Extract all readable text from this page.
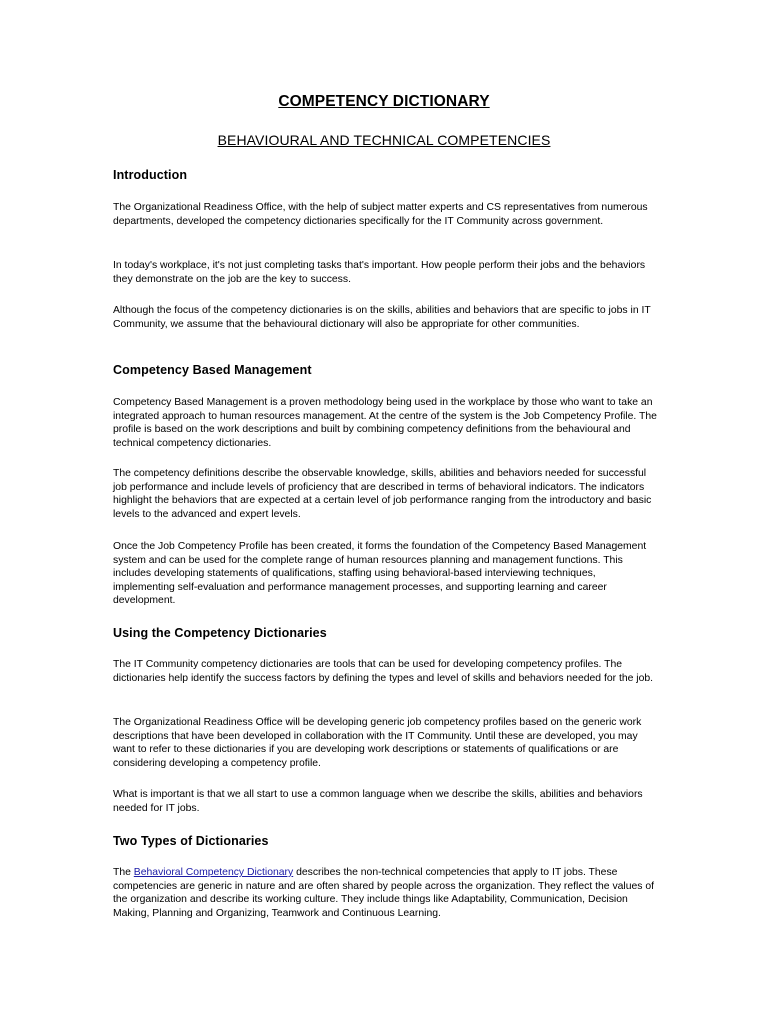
COMPETENCY DICTIONARY
BEHAVIOURAL AND TECHNICAL COMPETENCIES
Introduction

The Organizational Readiness Office, with the help of subject matter experts and CS representatives from numerous departments, developed the competency dictionaries specifically for the IT Community across government.

In today's workplace, it's not just completing tasks that's important. How people perform their jobs and the behaviors they demonstrate on the job are the key to success.

Although the focus of the competency dictionaries is on the skills, abilities and behaviors that are specific to jobs in IT Community, we assume that the behavioural dictionary will also be appropriate for other communities.

Competency Based Management

Competency Based Management is a proven methodology being used in the workplace by those who want to take an integrated approach to human resources management. At the centre of the system is the Job Competency Profile. The profile is based on the work descriptions and built by combining competency definitions from the behavioural and technical competency dictionaries.

The competency definitions describe the observable knowledge, skills, abilities and behaviors needed for successful job performance and include levels of proficiency that are described in terms of behavioral indicators. The indicators highlight the behaviors that are expected at a certain level of job performance ranging from the introductory and basic levels to the advanced and expert levels.

Once the Job Competency Profile has been created, it forms the foundation of the Competency Based Management system and can be used for the complete range of human resources planning and management functions. This includes developing statements of qualifications, staffing using behavioral-based interviewing techniques, implementing self-evaluation and performance management processes, and supporting learning and career development.

Using the Competency Dictionaries

The IT Community competency dictionaries are tools that can be used for developing competency profiles. The dictionaries help identify the success factors by defining the types and level of skills and behaviors needed for the job.

The Organizational Readiness Office will be developing generic job competency profiles based on the generic work descriptions that have been developed in collaboration with the IT Community. Until these are developed, you may want to refer to these dictionaries if you are developing work descriptions or statements of qualifications or are considering developing a competency profile.

What is important is that we all start to use a common language when we describe the skills, abilities and behaviors needed for IT jobs.

Two Types of Dictionaries

The Behavioral Competency Dictionary describes the non-technical competencies that apply to IT jobs. These competencies are generic in nature and are often shared by people across the organization. They reflect the values of the organization and describe its working culture. They include things like Adaptability, Communication, Decision Making, Planning and Organizing, Teamwork and Continuous Learning.
